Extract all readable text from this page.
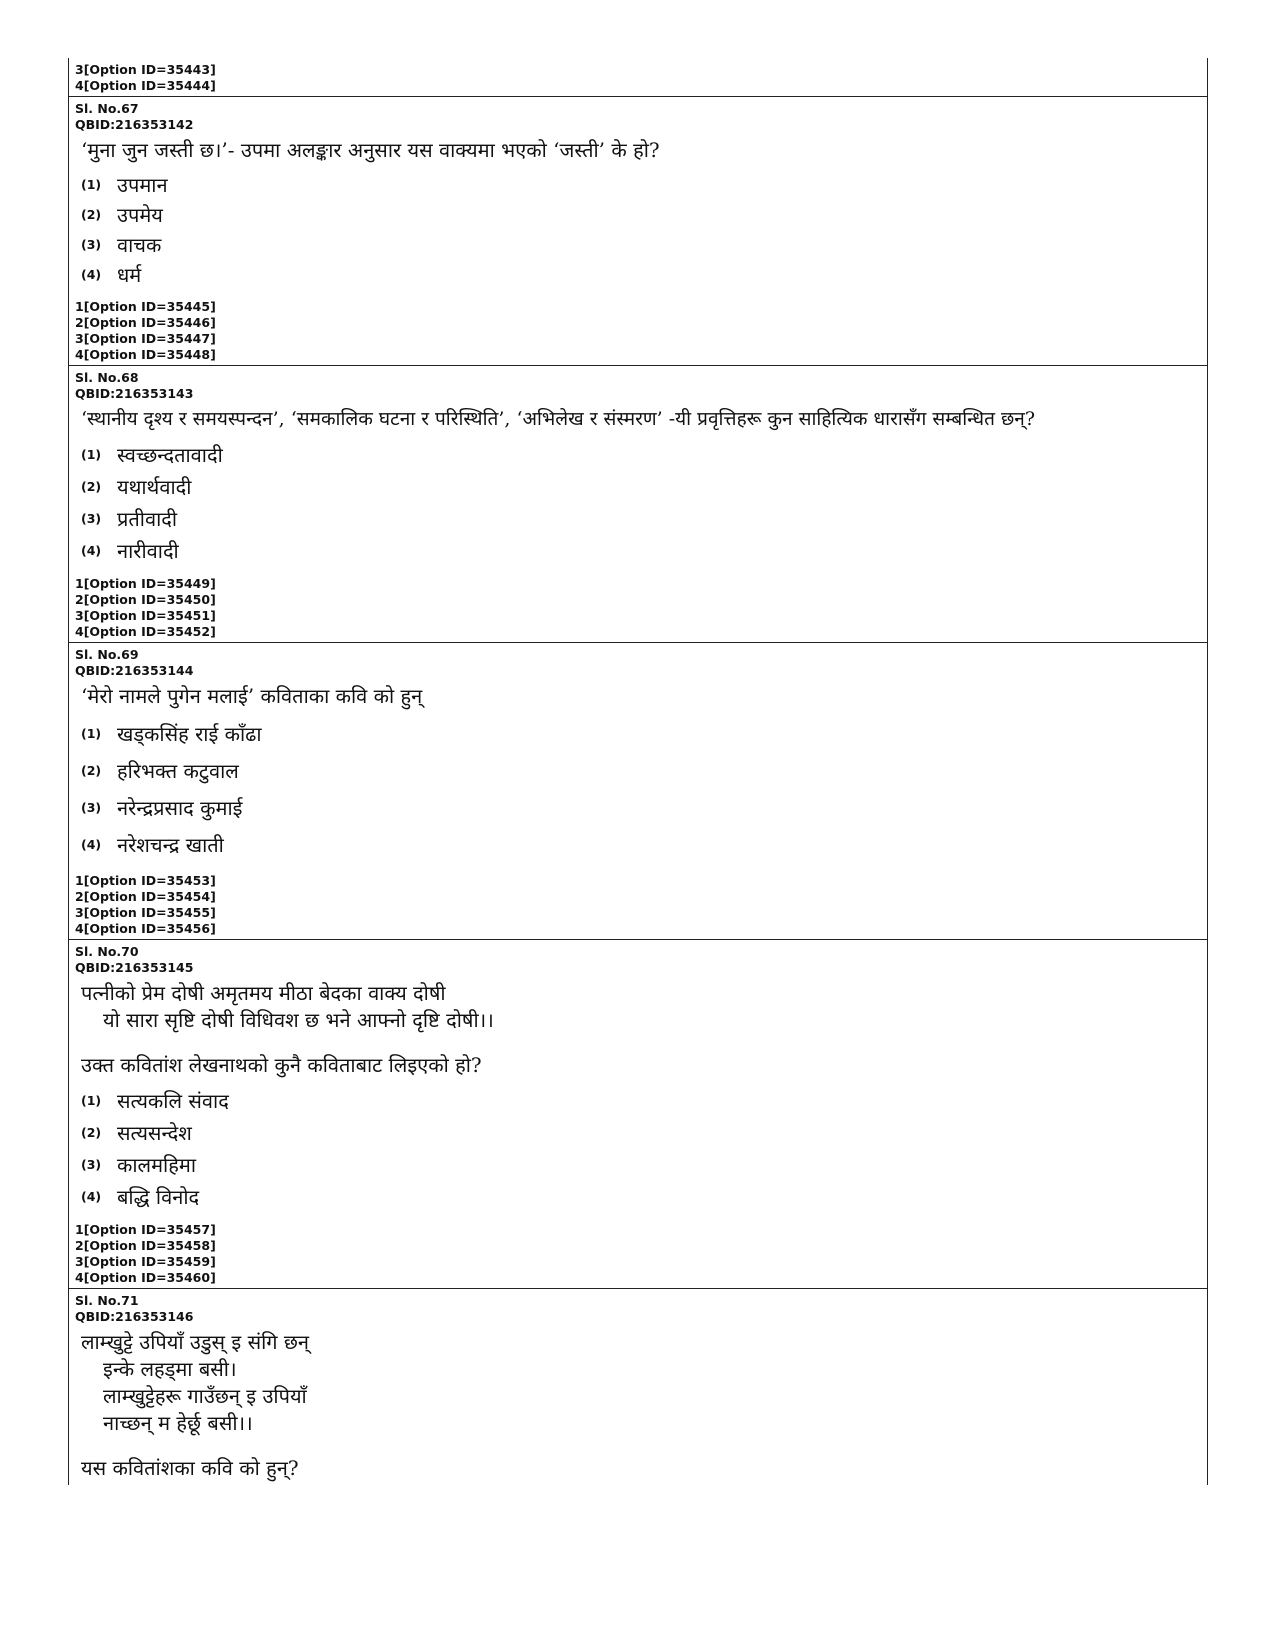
3[Option ID=35443]
4[Option ID=35444]
Sl. No.67
QBID:216353142
‘मुना जुन जस्ती छ।’- उपमा अलङ्कार अनुसार यस वाक्यमा भएको ‘जस्ती’ के हो?
(1) उपमान
(2) उपमेय
(3) वाचक
(4) धर्म
1[Option ID=35445]
2[Option ID=35446]
3[Option ID=35447]
4[Option ID=35448]
Sl. No.68
QBID:216353143
‘स्थानीय दृश्य र समयस्पन्दन’, ‘समकालिक घटना र परिस्थिति’, ‘अभिलेख र संस्मरण’ -यी प्रवृत्तिहरू कुन साहित्यिक धारासँग सम्बन्धित छन्?
(1) स्वच्छन्दतावादी
(2) यथार्थवादी
(3) प्रतीवादी
(4) नारीवादी
1[Option ID=35449]
2[Option ID=35450]
3[Option ID=35451]
4[Option ID=35452]
Sl. No.69
QBID:216353144
‘मेरो नामले पुगेन मलाई’ कविताका कवि को हुन्
(1) खड्कसिंह राई काँढा
(2) हरिभक्त कटुवाल
(3) नरेन्द्रप्रसाद कुमाई
(4) नरेशचन्द्र खाती
1[Option ID=35453]
2[Option ID=35454]
3[Option ID=35455]
4[Option ID=35456]
Sl. No.70
QBID:216353145
पत्नीको प्रेम दोषी अमृतमय मीठा बेदका वाक्य दोषी
यो सारा सृष्टि दोषी विधिवश छ भने आफ्नो दृष्टि दोषी।।
उक्त कवितांश लेखनाथको कुनै कविताबाट लिइएको हो?
(1) सत्यकलि संवाद
(2) सत्यसन्देश
(3) कालमहिमा
(4) बद्धि विनोद
1[Option ID=35457]
2[Option ID=35458]
3[Option ID=35459]
4[Option ID=35460]
Sl. No.71
QBID:216353146
लाम्खुट्टे उपियाँ उडुस् इ संगि छन्
इन्के लहड्मा बसी।
लाम्खुट्टेहरू गाउँछन् इ उपियाँ
नाच्छन् म हेर्छू बसी।।
यस कवितांशका कवि को हुन्?
